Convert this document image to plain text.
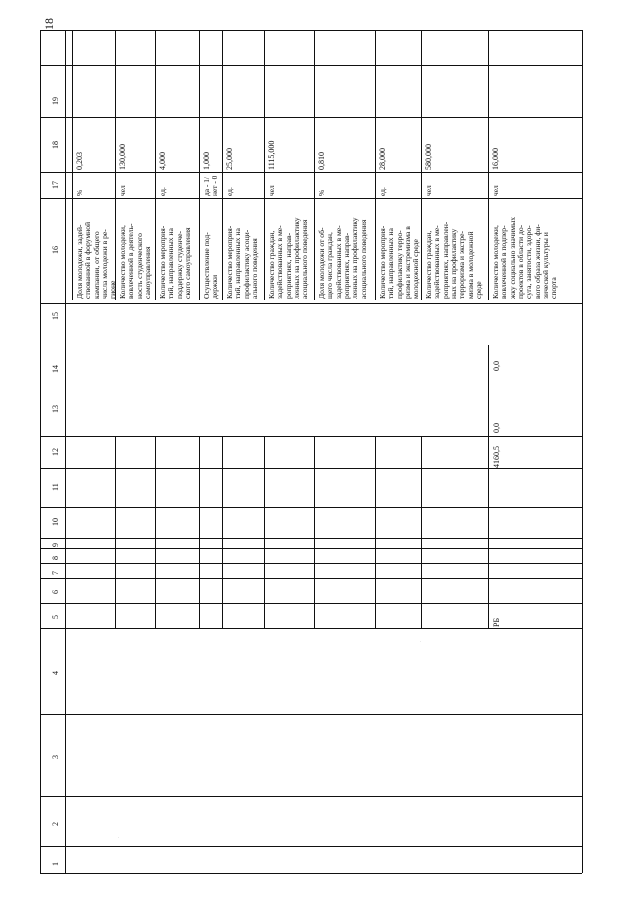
1
2
3
4
5
6
7
8
9
10
11
12
13
14
15
16
17
18
19
Доля молодежи, задей-
ствованной в форумной
кампании, от общего
числа молодежи в ре-
гионе
%
0,203
Количество молодежи,
вовлеченной в деятель-
ность студенческого
самоуправления
чел
130,000
Количество мероприя-
тий, направленных на
поддержку студенче-
ского самоуправления
ед.
4,000
Осуществление под-
держки
да - 1/
нет - 0
1,000
Количество мероприя-
тий, направленных на
профилактику асоци-
ального поведения
ед.
25,000
Количество граждан,
задействованных в ме-
роприятиях, направ-
ленных на профилактику
асоциального поведения
чел
1115,000
Доля молодежи от об-
щего числа граждан,
задействованных в ме-
роприятиях, направ-
ленных на профилактику
асоциального поведения
%
0,810
Количество мероприя-
тий, направленных на
профилактику терро-
ризма и экстремизма в
молодежной среде
ед.
28,000
Количество граждан,
задействованных в ме-
роприятиях, направлен-
ных на профилактику
терроризма и экстре-
мизма в молодежной
среде
чел
580,000
Количество молодежи,
вовлеченной в подпер-
жку социально значимых
проектов в области до-
суга, занятости, здоро-
вого образа жизни, фи-
зической культуры и
спорта
чел
16,000
РБ
4160,5
0,0
0,0
18
·
·
